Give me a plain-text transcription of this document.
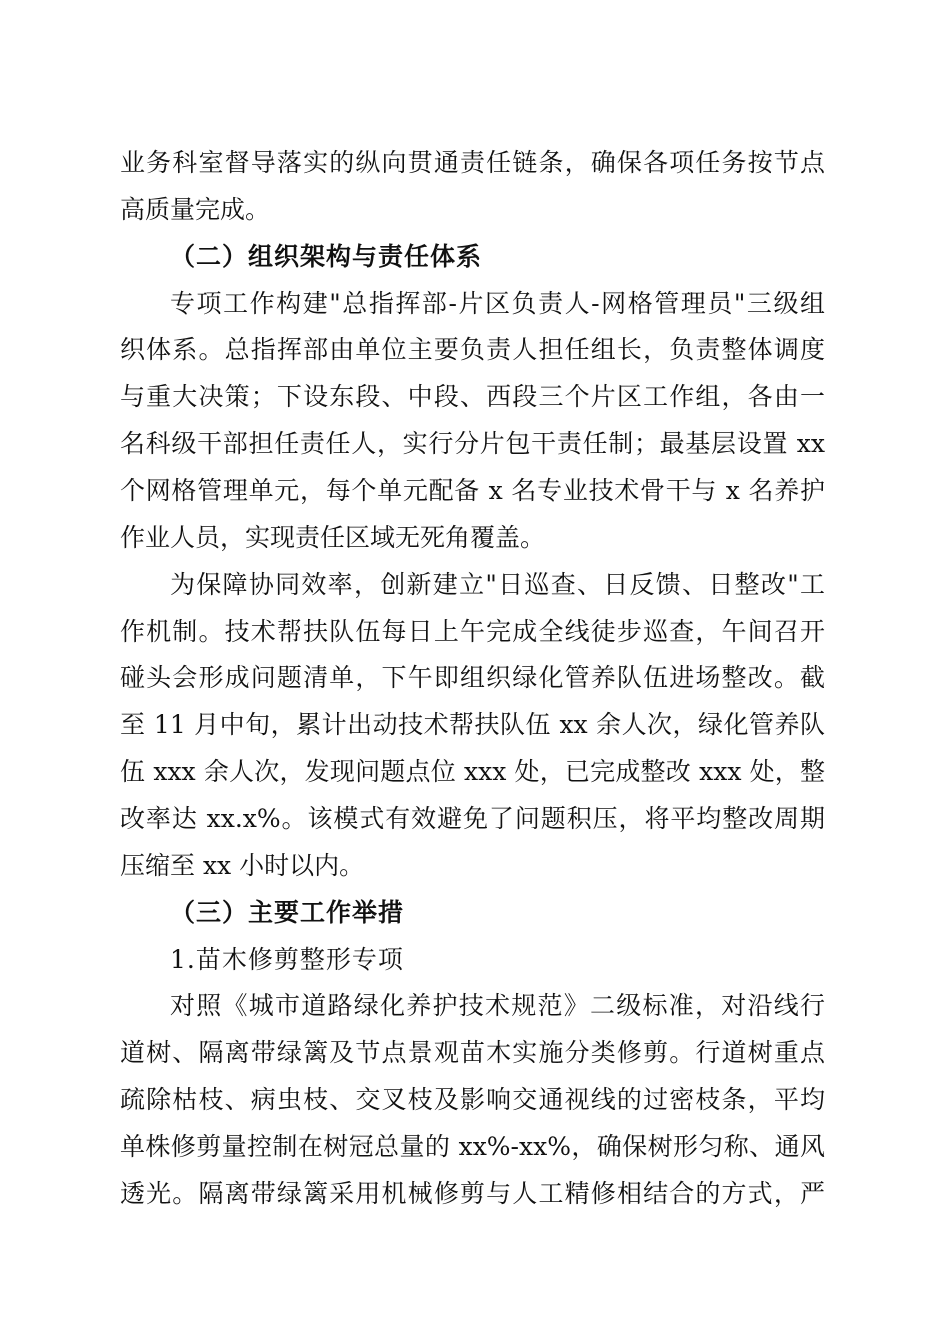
业务科室督导落实的纵向贯通责任链条，确保各项任务按节点
高质量完成。
（二）组织架构与责任体系
专项工作构建"总指挥部-片区负责人-网格管理员"三级组
织体系。总指挥部由单位主要负责人担任组长，负责整体调度
与重大决策；下设东段、中段、西段三个片区工作组，各由一
名科级干部担任责任人，实行分片包干责任制；最基层设置 xx
个网格管理单元，每个单元配备 x 名专业技术骨干与 x 名养护
作业人员，实现责任区域无死角覆盖。
为保障协同效率，创新建立"日巡查、日反馈、日整改"工
作机制。技术帮扶队伍每日上午完成全线徒步巡查，午间召开
碰头会形成问题清单，下午即组织绿化管养队伍进场整改。截
至 11 月中旬，累计出动技术帮扶队伍 xx 余人次，绿化管养队
伍 xxx 余人次，发现问题点位 xxx 处，已完成整改 xxx 处，整
改率达 xx.x%。该模式有效避免了问题积压，将平均整改周期
压缩至 xx 小时以内。
（三）主要工作举措
1.苗木修剪整形专项
对照《城市道路绿化养护技术规范》二级标准，对沿线行
道树、隔离带绿篱及节点景观苗木实施分类修剪。行道树重点
疏除枯枝、病虫枝、交叉枝及影响交通视线的过密枝条，平均
单株修剪量控制在树冠总量的 xx%-xx%，确保树形匀称、通风
透光。隔离带绿篱采用机械修剪与人工精修相结合的方式，严
